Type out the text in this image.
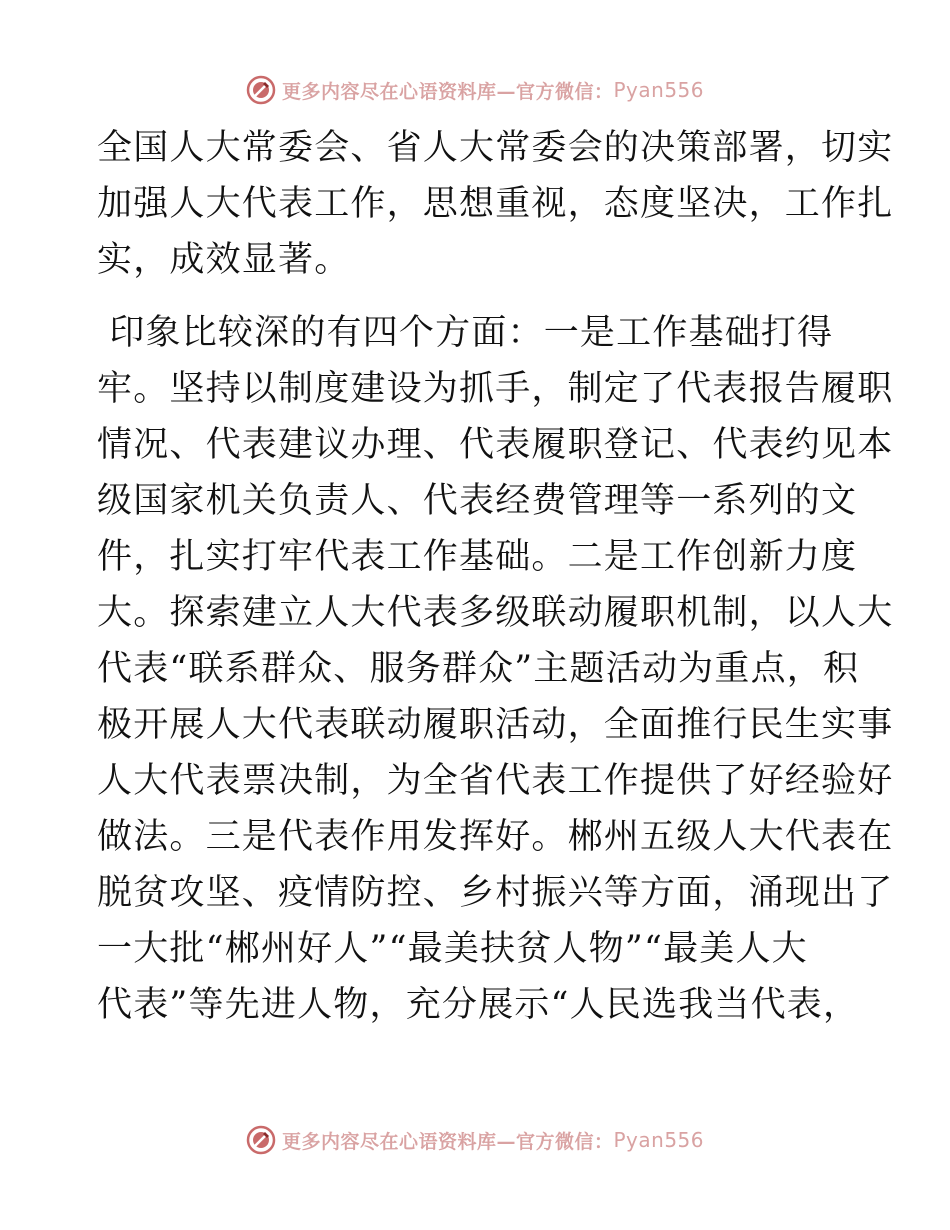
更多内容尽在心语资料库—官方微信： Pyan556

全国人大常委会、省人大常委会的决策部署，切实
加强人大代表工作，思想重视，态度坚决，工作扎
实，成效显著。

印象比较深的有四个方面：一是工作基础打得
牢。坚持以制度建设为抓手，制定了代表报告履职
情况、代表建议办理、代表履职登记、代表约见本
级国家机关负责人、代表经费管理等一系列的文
件，扎实打牢代表工作基础。二是工作创新力度
大。探索建立人大代表多级联动履职机制，以人大
代表“联系群众、服务群众”主题活动为重点，积
极开展人大代表联动履职活动，全面推行民生实事
人大代表票决制，为全省代表工作提供了好经验好
做法。三是代表作用发挥好。郴州五级人大代表在
脱贫攻坚、疫情防控、乡村振兴等方面，涌现出了
一大批“郴州好人”“最美扶贫人物”“最美人大
代表”等先进人物，充分展示“人民选我当代表，

更多内容尽在心语资料库—官方微信： Pyan556
